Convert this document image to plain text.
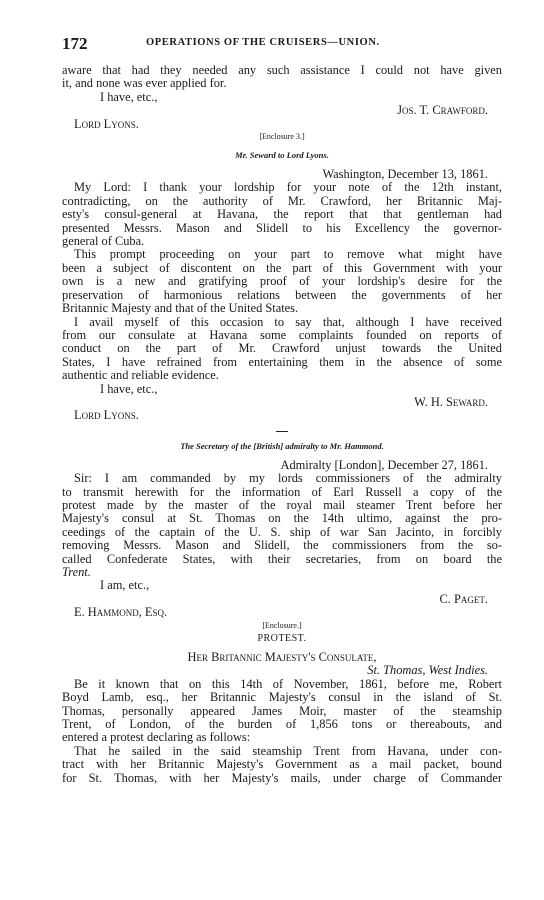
172	OPERATIONS OF THE CRUISERS—UNION.
aware that had they needed any such assistance I could not have given
it, and none was ever applied for.
I have, etc.,
Jos. T. Crawford.
Lord Lyons.
[Enclosure 3.]
Mr. Seward to Lord Lyons.
Washington, December 13, 1861.
My Lord: I thank your lordship for your note of the 12th instant,
contradicting, on the authority of Mr. Crawford, her Britannic Maj-
esty's consul-general at Havana, the report that that gentleman had
presented Messrs. Mason and Slidell to his Excellency the governor-
general of Cuba.
This prompt proceeding on your part to remove what might have
been a subject of discontent on the part of this Government with your
own is a new and gratifying proof of your lordship's desire for the
preservation of harmonious relations between the governments of her
Britannic Majesty and that of the United States.
I avail myself of this occasion to say that, although I have received
from our consulate at Havana some complaints founded on reports of
conduct on the part of Mr. Crawford unjust towards the United
States, I have refrained from entertaining them in the absence of some
authentic and reliable evidence.
I have, etc.,
W. H. Seward.
Lord Lyons.
The Secretary of the [British] admiralty to Mr. Hammond.
Admiralty [London], December 27, 1861.
Sir: I am commanded by my lords commissioners of the admiralty
to transmit herewith for the information of Earl Russell a copy of the
protest made by the master of the royal mail steamer Trent before her
Majesty's consul at St. Thomas on the 14th ultimo, against the pro-
ceedings of the captain of the U. S. ship of war San Jacinto, in forcibly
removing Messrs. Mason and Slidell, the commissioners from the so-
called Confederate States, with their secretaries, from on board the
Trent.
I am, etc.,
C. Paget.
E. Hammond, Esq.
[Enclosure.]
PROTEST.
Her Britannic Majesty's Consulate,
St. Thomas, West Indies.
Be it known that on this 14th of November, 1861, before me, Robert
Boyd Lamb, esq., her Britannic Majesty's consul in the island of St.
Thomas, personally appeared James Moir, master of the steamship
Trent, of London, of the burden of 1,856 tons or thereabouts, and
entered a protest declaring as follows:
That he sailed in the said steamship Trent from Havana, under con-
tract with her Britannic Majesty's Government as a mail packet, bound
for St. Thomas, with her Majesty's mails, under charge of Commander
